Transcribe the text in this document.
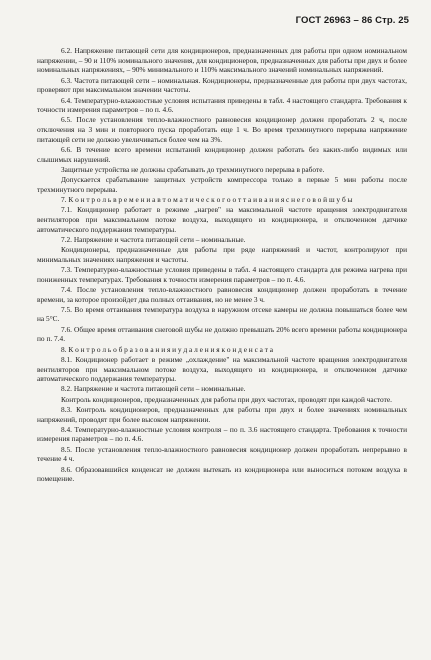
ГОСТ 26963 – 86 Стр. 25

6.2. Напряжение питающей сети для кондиционеров, предназначенных для работы при одном номинальном напряжении, – 90 и 110% номинального значения, для кондиционеров, предназначенных для работы при двух и более номинальных напряжениях, – 90% минимального и 110% максимального значений номинальных напряжений.

6.3. Частота питающей сети – номинальная. Кондиционеры, предназначенные для работы при двух частотах, проверяют при максимальном значении частоты.

6.4. Температурно-влажностные условия испытания приведены в табл. 4 настоящего стандарта. Требования к точности измерения параметров – по п. 4.6.

6.5. После установления тепло-влажностного равновесия кондиционер должен проработать 2 ч, после отключения на 3 мин и повторного пуска проработать еще 1 ч. Во время трехминутного перерыва напряжение питающей сети не должно увеличиваться более чем на 3%.

6.6. В течение всего времени испытаний кондиционер должен работать без каких-либо видимых или слышимых нарушений.

Защитные устройства не должны срабатывать до трехминутного перерыва в работе.

Допускается срабатывание защитных устройств компрессора только в первые 5 мин работы после трехминутного перерыва.

7. К о н т р о л ь в р е м е н и а в т о м а т и ч е с к о г о о т т а и в а н и я с н е г о в о й ш у б ы

7.1. Кондиционер работает в режиме „нагрев" на максимальной частоте вращения электродвигателя вентиляторов при максимальном потоке воздуха, выходящего из кондиционера, и отключенном датчике автоматического поддержания температуры.

7.2. Напряжение и частота питающей сети – номинальные.

Кондиционеры, предназначенные для работы при ряде напряжений и частот, контролируют при минимальных значениях напряжения и частоты.

7.3. Температурно-влажностные условия приведены в табл. 4 настоящего стандарта для режима нагрева при пониженных температурах. Требования к точности измерения параметров – по п. 4.6.

7.4. После установления тепло-влажностного равновесия кондиционер должен проработать в течение времени, за которое произойдет два полных оттаивания, но не менее 3 ч.

7.5. Во время оттаивания температура воздуха в наружном отсеке камеры не должна повышаться более чем на 5°С.

7.6. Общее время оттаивания снеговой шубы не должно превышать 20% всего времени работы кондиционера по п. 7.4.

8. К о н т р о л ь о б р а з о в а н и я и у д а л е н и я к о н д е н с а т а

8.1. Кондиционер работает в режиме „охлаждение" на максимальной частоте вращения электродвигателя вентиляторов при максимальном потоке воздуха, выходящего из кондиционера, и отключенном датчике автоматического поддержания температуры.

8.2. Напряжение и частота питающей сети – номинальные.

Контроль кондиционеров, предназначенных для работы при двух частотах, проводят при каждой частоте.

8.3. Контроль кондиционеров, предназначенных для работы при двух и более значениях номинальных напряжений, проводят при более высоком напряжении.

8.4. Температурно-влажностные условия контроля – по п. 3.6 настоящего стандарта. Требования к точности измерения параметров – по п. 4.6.

8.5. После установления тепло-влажностного равновесия кондиционер должен проработать непрерывно в течение 4 ч.

8.6. Образовавшийся конденсат не должен вытекать из кондиционера или выноситься потоком воздуха в помещение.
